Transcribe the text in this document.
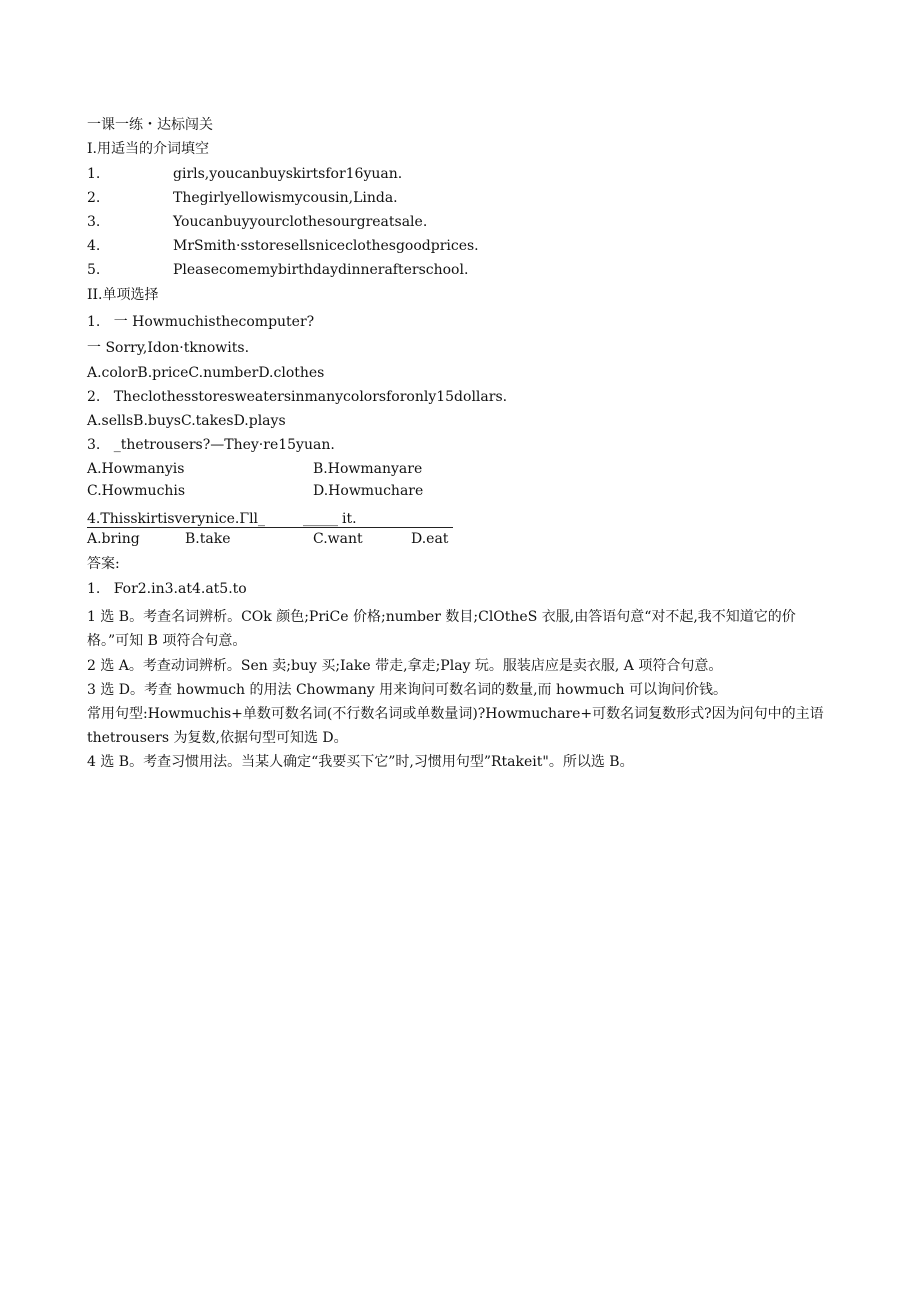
一课一练・达标闯关
I.用适当的介词填空
1.	girls,youcanbuyskirtsfor16yuan.
2.	Thegirlyellowismycousin,Linda.
3.	Youcanbuyyourclothesourgreatsale.
4.	MrSmith·sstoresellsniceclothesgoodprices.
5.	Pleasecomemybirthdaydinnerafterschool.
II.单项选择
1.   一 Howmuchisthecomputer?
一 Sorry,Idon·tknowits.
A.colorB.priceC.numberD.clothes
2.   Theclothesstoresweatersinmanycolorsforonly15dollars.
A.sellsB.buysC.takesD.plays
3.   _thetrousers?—They·re15yuan.
A.Howmanyis	B.Howmanyare
C.Howmuchis	D.Howmuchare
4.Thisskirtisverynice.Γll_	_____ it.
A.bring	B.take	C.want	D.eat
答案:
1.   For2.in3.at4.at5.to
1 选 B。考查名词辨析。COk 颜色;PriCe 价格;number 数目;ClOtheS 衣服,由答语句意“对不起,我不知道它的价格。”可知 B 项符合句意。
2 选 A。考查动词辨析。Sen 卖;buy 买;Iake 带走,拿走;Play 玩。服装店应是卖衣服, A 项符合句意。
3 选 D。考查 howmuch 的用法 Chowmany 用来询问可数名词的数量,而 howmuch 可以询问价钱。
常用句型:Howmuchis+单数可数名词(不行数名词或单数量词)?Howmuchare+可数名词复数形式?因为问句中的主语 thetrousers 为复数,依据句型可知选 D。
4 选 B。考查习惯用法。当某人确定“我要买下它”时,习惯用句型”Rtakeit"。所以选 B。
